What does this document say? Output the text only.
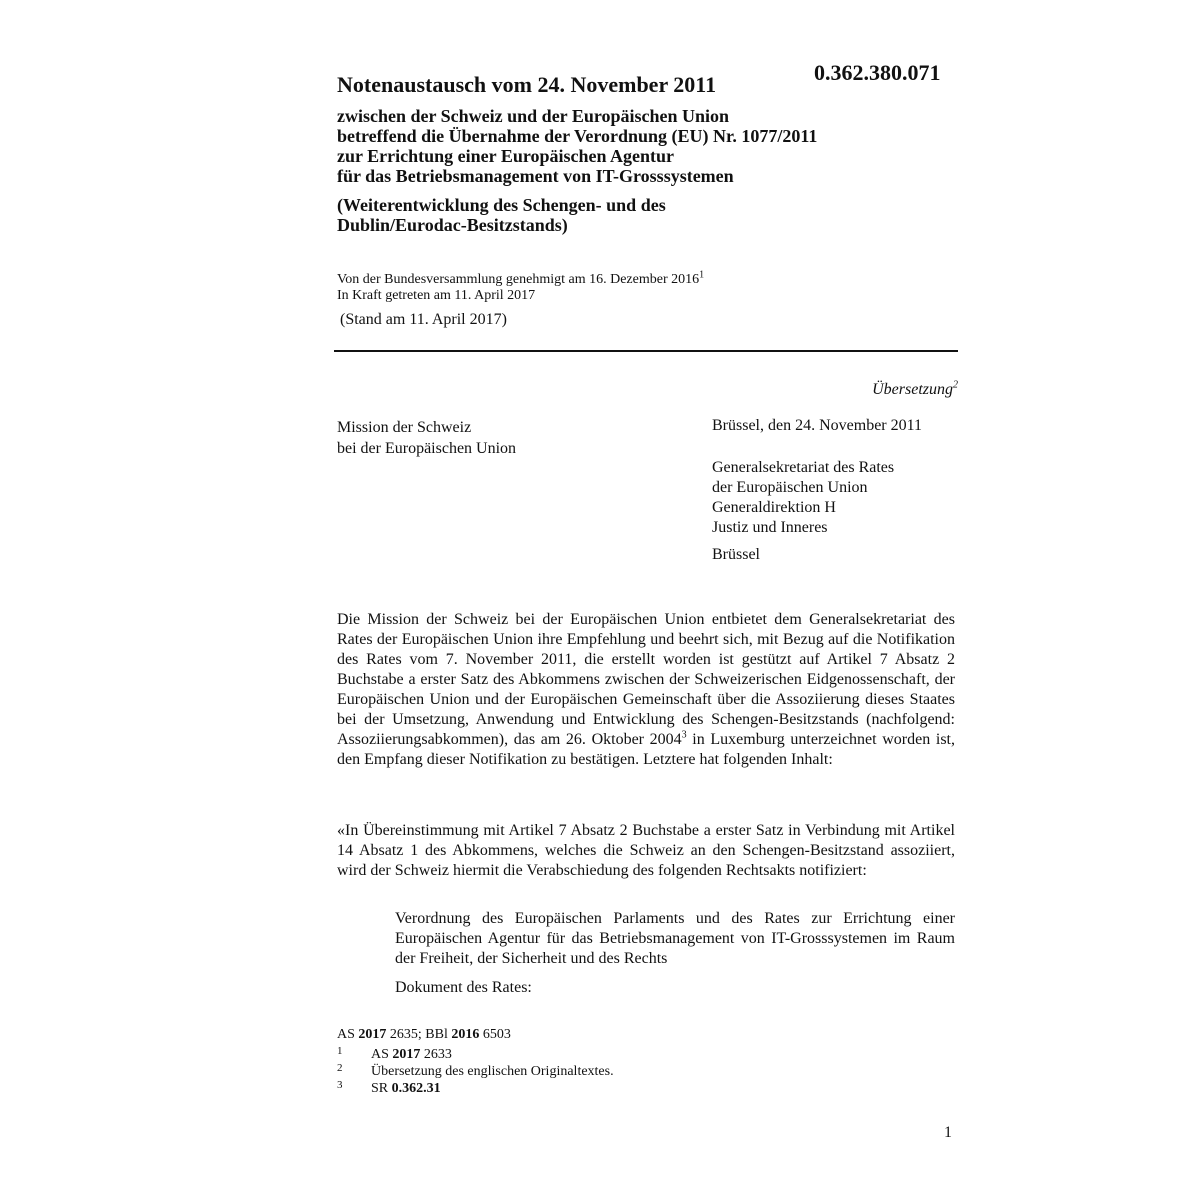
0.362.380.071
Notenaustausch vom 24. November 2011
zwischen der Schweiz und der Europäischen Union
betreffend die Übernahme der Verordnung (EU) Nr. 1077/2011
zur Errichtung einer Europäischen Agentur
für das Betriebsmanagement von IT-Grosssystemen
(Weiterentwicklung des Schengen- und des
Dublin/Eurodac-Besitzstands)
Von der Bundesversammlung genehmigt am 16. Dezember 2016$^1$
In Kraft getreten am 11. April 2017
(Stand am 11. April 2017)
Übersetzung$^2$
Mission der Schweiz
bei der Europäischen Union
Brüssel, den 24. November 2011
Generalsekretariat des Rates
der Europäischen Union
Generaldirektion H
Justiz und Inneres
Brüssel
Die Mission der Schweiz bei der Europäischen Union entbietet dem Generalsekretariat des Rates der Europäischen Union ihre Empfehlung und beehrt sich, mit Bezug auf die Notifikation des Rates vom 7. November 2011, die erstellt worden ist gestützt auf Artikel 7 Absatz 2 Buchstabe a erster Satz des Abkommens zwischen der Schweizerischen Eidgenossenschaft, der Europäischen Union und der Europäischen Gemeinschaft über die Assoziierung dieses Staates bei der Umsetzung, Anwendung und Entwicklung des Schengen-Besitzstands (nachfolgend: Assoziierungsabkommen), das am 26. Oktober 2004$^3$ in Luxemburg unterzeichnet worden ist, den Empfang dieser Notifikation zu bestätigen. Letztere hat folgenden Inhalt:
«In Übereinstimmung mit Artikel 7 Absatz 2 Buchstabe a erster Satz in Verbindung mit Artikel 14 Absatz 1 des Abkommens, welches die Schweiz an den Schengen-Besitzstand assoziiert, wird der Schweiz hiermit die Verabschiedung des folgenden Rechtsakts notifiziert:
Verordnung des Europäischen Parlaments und des Rates zur Errichtung einer Europäischen Agentur für das Betriebsmanagement von IT-Grosssystemen im Raum der Freiheit, der Sicherheit und des Rechts
Dokument des Rates:
AS 2017 2635; BBl 2016 6503
1 AS 2017 2633
2 Übersetzung des englischen Originaltextes.
3 SR 0.362.31
1
